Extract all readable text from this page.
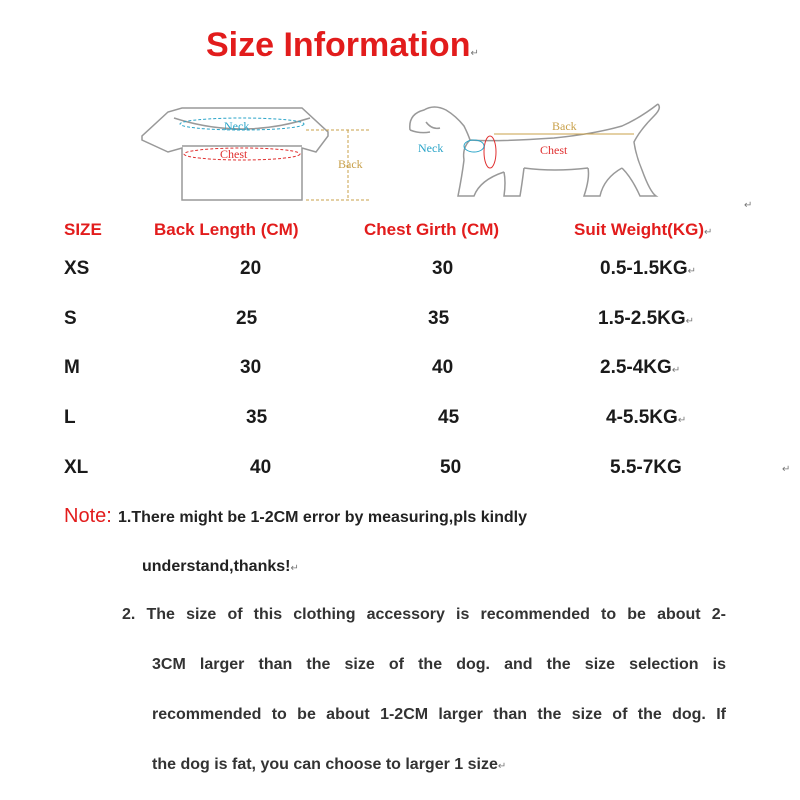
Size Information↵
Neck
Chest
Back
Back
Neck	Chest
↵
SIZE	Back Length (CM)	Chest Girth (CM)	Suit Weight(KG)↵
XS	20	30	0.5-1.5KG↵
S	25	35	1.5-2.5KG↵
M	30	40	2.5-4KG↵
L	35	45	4-5.5KG↵
XL	40	50	5.5-7KG	↵
Note: 1.There might be 1-2CM error by measuring,pls kindly
understand,thanks!↵
2. The size of this clothing accessory is recommended to be about 2-
3CM larger than the size of the dog. and the size selection is
recommended to be about 1-2CM larger than the size of the dog. If
the dog is fat, you can choose to larger 1 size↵
